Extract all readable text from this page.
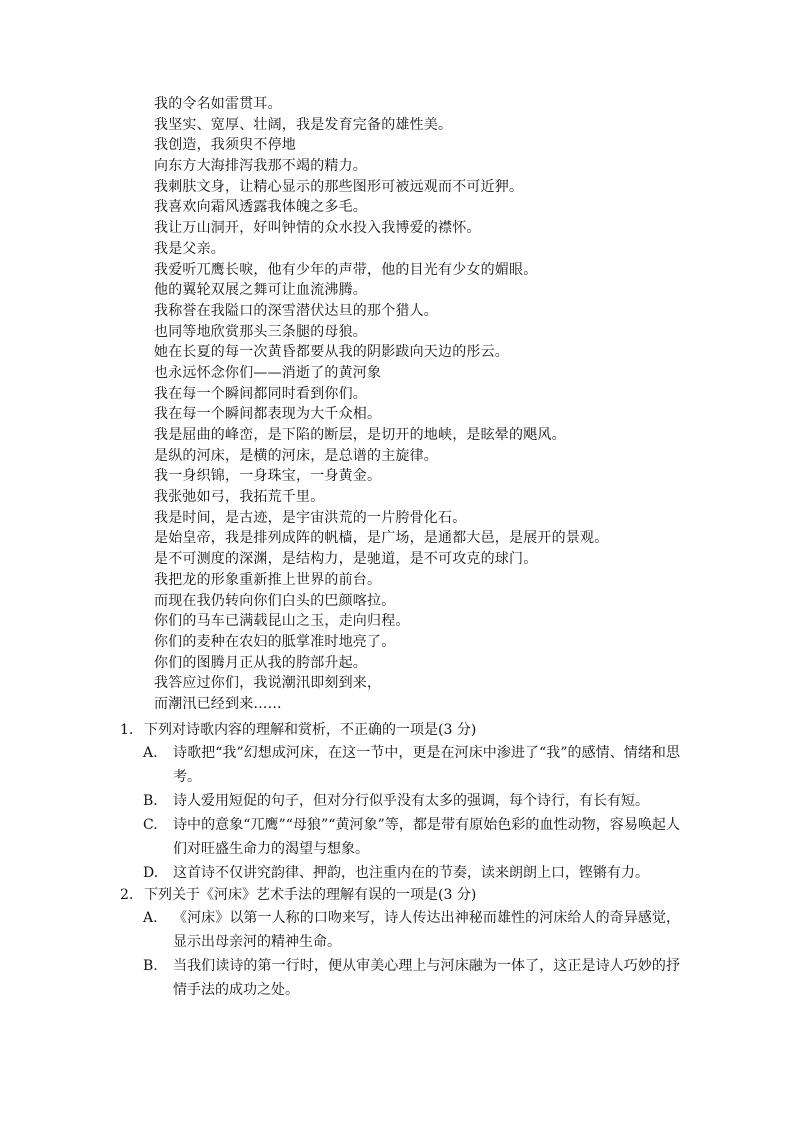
我的令名如雷贯耳。
我坚实、宽厚、壮阔，我是发育完备的雄性美。
我创造，我须臾不停地
向东方大海排泻我那不竭的精力。
我刺肤文身，让精心显示的那些图形可被远观而不可近狎。
我喜欢向霜风透露我体魄之多毛。
我让万山洞开，好叫钟情的众水投入我博爱的襟怀。
我是父亲。
我爱听兀鹰长唳，他有少年的声带，他的目光有少女的媚眼。
他的翼轮双展之舞可让血流沸腾。
我称誉在我隘口的深雪潜伏达旦的那个猎人。
也同等地欣赏那头三条腿的母狼。
她在长夏的每一次黄昏都要从我的阴影跋向天边的彤云。
也永远怀念你们——消逝了的黄河象
我在每一个瞬间都同时看到你们。
我在每一个瞬间都表现为大千众相。
我是屈曲的峰峦，是下陷的断层，是切开的地峡，是眩晕的飓风。
是纵的河床，是横的河床，是总谱的主旋律。
我一身织锦，一身珠宝，一身黄金。
我张弛如弓，我拓荒千里。
我是时间，是古迹，是宇宙洪荒的一片胯骨化石。
是始皇帝，我是排列成阵的帆樯，是广场，是通都大邑，是展开的景观。
是不可测度的深渊，是结构力，是驰道，是不可攻克的球门。
我把龙的形象重新推上世界的前台。
而现在我仍转向你们白头的巴颜喀拉。
你们的马车已满载昆山之玉，走向归程。
你们的麦种在农妇的胝掌准时地亮了。
你们的图腾月正从我的胯部升起。
我答应过你们，我说潮汛即刻到来，
而潮汛已经到来……
1. 下列对诗歌内容的理解和赏析，不正确的一项是(3 分)
A.	诗歌把“我”幻想成河床，在这一节中，更是在河床中渗进了“我”的感情、情绪和思考。
B.	诗人爱用短促的句子，但对分行似乎没有太多的强调，每个诗行，有长有短。
C.	诗中的意象“兀鹰”“母狼”“黄河象”等，都是带有原始色彩的血性动物，容易唤起人们对旺盛生命力的渴望与想象。
D.	这首诗不仅讲究韵律、押韵，也注重内在的节奏，读来朗朗上口，铿锵有力。
2. 下列关于《河床》艺术手法的理解有误的一项是(3 分)
A.	《河床》以第一人称的口吻来写，诗人传达出神秘而雄性的河床给人的奇异感觉，显示出母亲河的精神生命。
B.	当我们读诗的第一行时，便从审美心理上与河床融为一体了，这正是诗人巧妙的抒情手法的成功之处。
